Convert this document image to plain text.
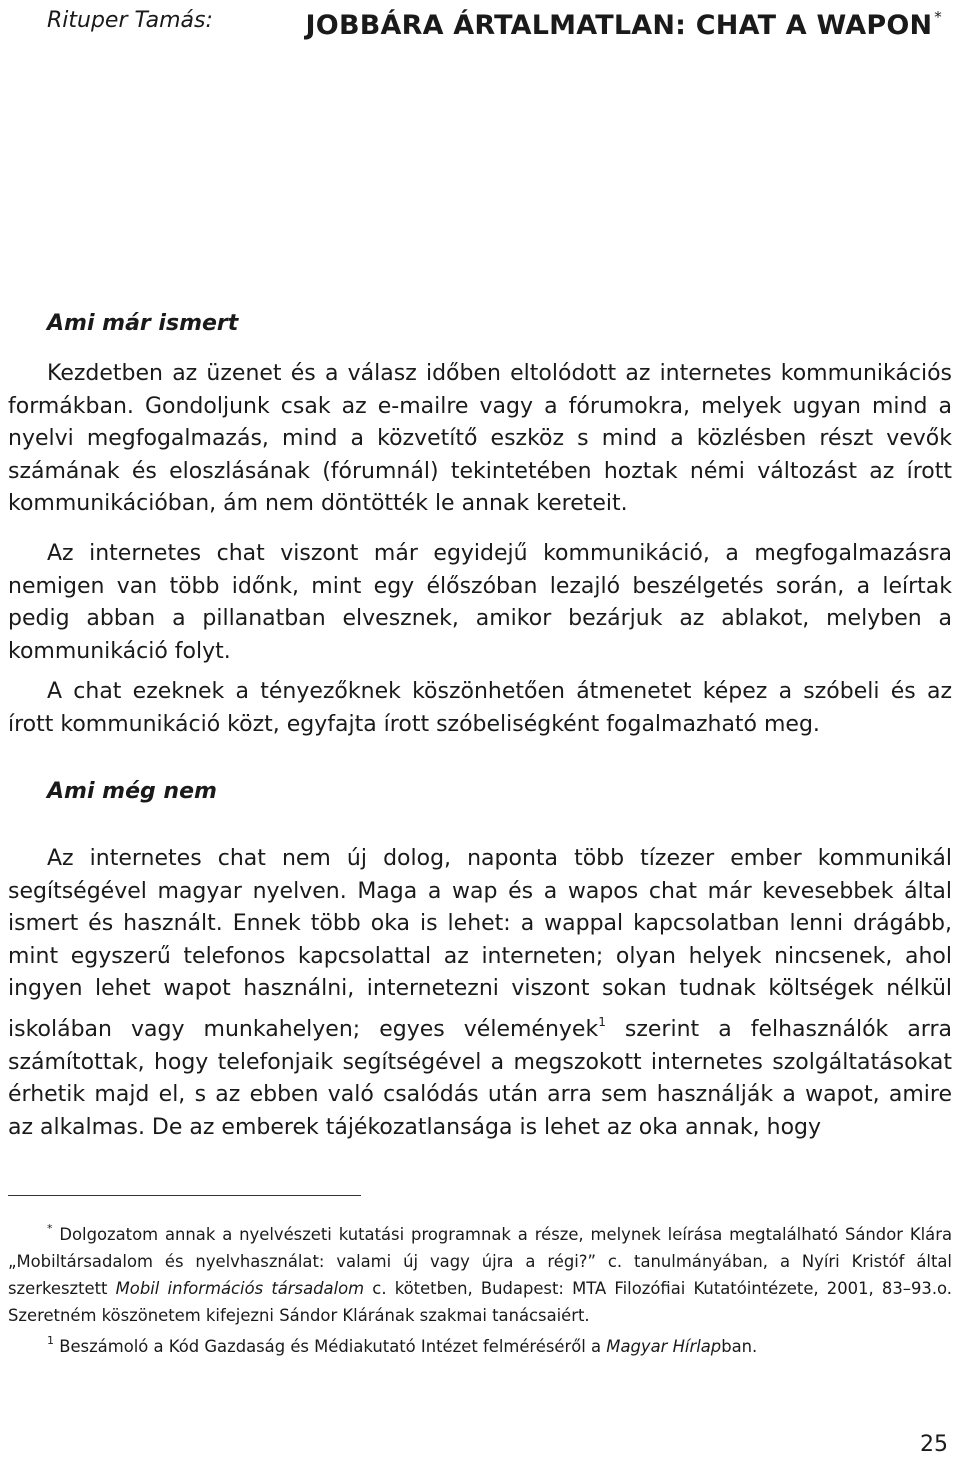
Rituper Tamás:	JOBBÁRA ÁRTALMATLAN: CHAT A WAPON *
Ami már ismert

Kezdetben az üzenet és a válasz időben eltolódott az internetes kommunikációs formákban. Gondoljunk csak az e-mailre vagy a fórumokra, melyek ugyan mind a nyelvi megfogalmazás, mind a közvetítő eszköz s mind a közlésben részt vevők számának és eloszlásának (fórumnál) tekintetében hoztak némi változást az írott kommunikációban, ám nem döntötték le annak kereteit.

Az internetes chat viszont már egyidejű kommunikáció, a megfogalmazásra nemigen van több időnk, mint egy élőszóban lezajló beszélgetés során, a leírtak pedig abban a pillanatban elvesznek, amikor bezárjuk az ablakot, melyben a kommunikáció folyt.

A chat ezeknek a tényezőknek köszönhetően átmenetet képez a szóbeli és az írott kommunikáció közt, egyfajta írott szóbeliségként fogalmazható meg.

Ami még nem

Az internetes chat nem új dolog, naponta több tízezer ember kommunikál segítségével magyar nyelven. Maga a wap és a wapos chat már kevesebbek által ismert és használt. Ennek több oka is lehet: a wappal kapcsolatban lenni drágább, mint egyszerű telefonos kapcsolattal az interneten; olyan helyek nincsenek, ahol ingyen lehet wapot használni, internetezni viszont sokan tudnak költségek nélkül iskolában vagy munkahelyen; egyes vélemények$^1$ szerint a felhasználók arra számítottak, hogy telefonjaik segítségével a megszokott internetes szolgáltatásokat érhetik majd el, s az ebben való csalódás után arra sem használják a wapot, amire az alkalmas. De az emberek tájékozatlansága is lehet az oka annak, hogy

* Dolgozatom annak a nyelvészeti kutatási programnak a része, melynek leírása megtalálható Sándor Klára „Mobiltársadalom és nyelvhasználat: valami új vagy újra a régi?” c. tanulmányában, a Nyíri Kristóf által szerkesztett Mobil információs társadalom c. kötetben, Budapest: MTA Filozófiai Kutatóintézete, 2001, 83–93.o. Szeretném köszönetem kifejezni Sándor Klárának szakmai tanácsaiért.

$^1$ Beszámoló a Kód Gazdaság és Médiakutató Intézet felméréséről a Magyar Hírlapban.

25
